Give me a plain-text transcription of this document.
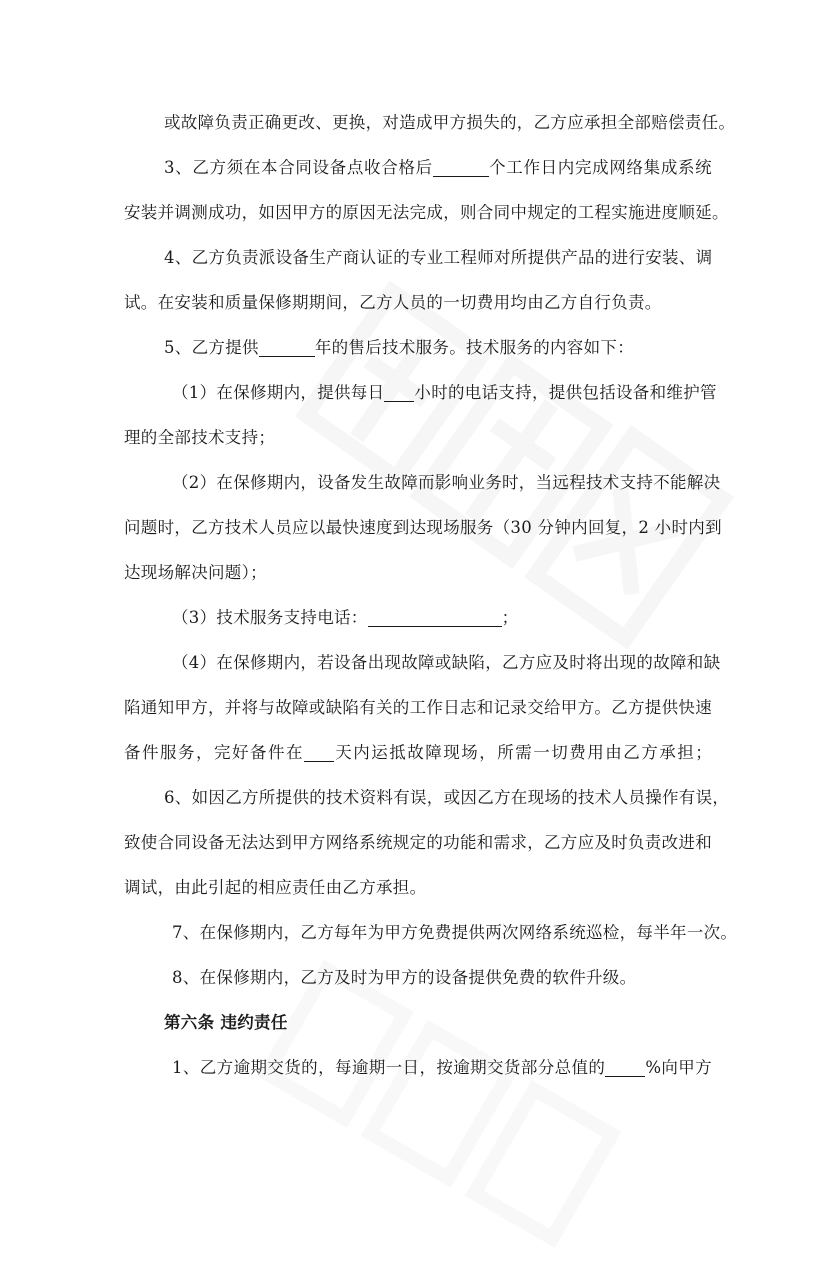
或故障负责正确更改、更换，对造成甲方损失的，乙方应承担全部赔偿责任。
3、乙方须在本合同设备点收合格后	个工作日内完成网络集成系统
安装并调测成功，如因甲方的原因无法完成，则合同中规定的工程实施进度顺延。
4、乙方负责派设备生产商认证的专业工程师对所提供产品的进行安装、调
试。在安装和质量保修期期间，乙方人员的一切费用均由乙方自行负责。
5、乙方提供	年的售后技术服务。技术服务的内容如下：
（1）在保修期内，提供每日 小时的电话支持，提供包括设备和维护管
理的全部技术支持；
（2）在保修期内，设备发生故障而影响业务时，当远程技术支持不能解决
问题时，乙方技术人员应以最快速度到达现场服务（30 分钟内回复，2 小时内到
达现场解决问题）；
（3）技术服务支持电话：	；
（4）在保修期内，若设备出现故障或缺陷，乙方应及时将出现的故障和缺
陷通知甲方，并将与故障或缺陷有关的工作日志和记录交给甲方。乙方提供快速
备件服务，完好备件在 天内运抵故障现场，所需一切费用由乙方承担；
6、如因乙方所提供的技术资料有误，或因乙方在现场的技术人员操作有误，
致使合同设备无法达到甲方网络系统规定的功能和需求，乙方应及时负责改进和
调试，由此引起的相应责任由乙方承担。
7、在保修期内，乙方每年为甲方免费提供两次网络系统巡检，每半年一次。
8、在保修期内，乙方及时为甲方的设备提供免费的软件升级。
第六条 违约责任
1、乙方逾期交货的，每逾期一日，按逾期交货部分总值的 %向甲方
